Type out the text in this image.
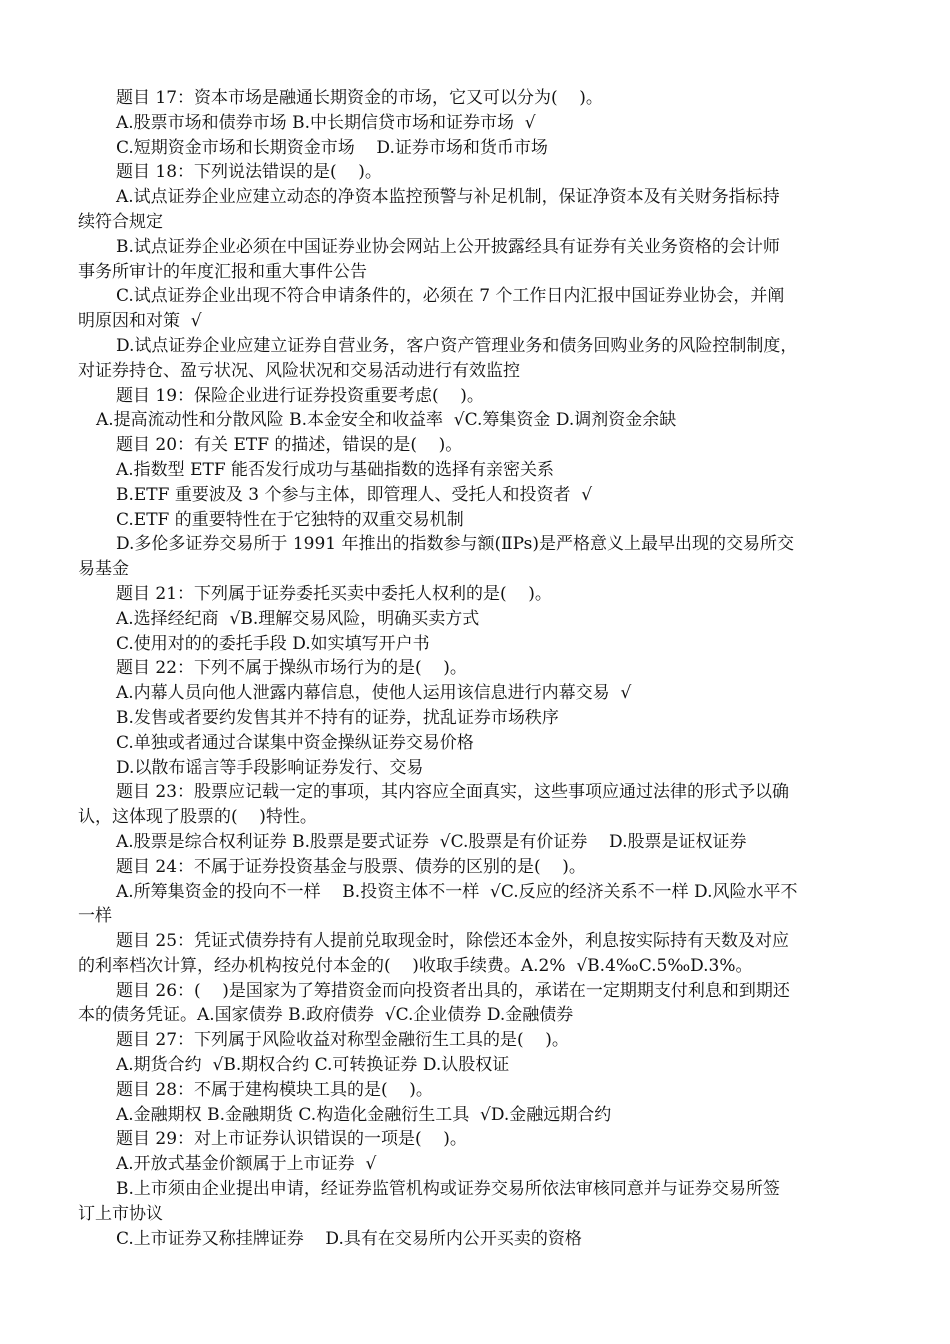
题目 17：资本市场是融通长期资金的市场，它又可以分为(    )。
A.股票市场和债券市场 B.中长期信贷市场和证券市场  √
C.短期资金市场和长期资金市场    D.证券市场和货币市场
题目 18：下列说法错误的是(    )。
A.试点证券企业应建立动态的净资本监控预警与补足机制，保证净资本及有关财务指标持
续符合规定
B.试点证券企业必须在中国证券业协会网站上公开披露经具有证券有关业务资格的会计师
事务所审计的年度汇报和重大事件公告
C.试点证券企业出现不符合申请条件的，必须在 7 个工作日内汇报中国证券业协会，并阐
明原因和对策  √
D.试点证券企业应建立证券自营业务，客户资产管理业务和债务回购业务的风险控制制度，
对证券持仓、盈亏状况、风险状况和交易活动进行有效监控
题目 19：保险企业进行证券投资重要考虑(    )。
A.提高流动性和分散风险 B.本金安全和收益率  √C.筹集资金 D.调剂资金余缺
题目 20：有关 ETF 的描述，错误的是(    )。
A.指数型 ETF 能否发行成功与基础指数的选择有亲密关系
B.ETF 重要波及 3 个参与主体，即管理人、受托人和投资者  √
C.ETF 的重要特性在于它独特的双重交易机制
D.多伦多证券交易所于 1991 年推出的指数参与额(ⅡPs)是严格意义上最早出现的交易所交
易基金
题目 21：下列属于证券委托买卖中委托人权利的是(    )。
A.选择经纪商  √B.理解交易风险，明确买卖方式
C.使用对的的委托手段 D.如实填写开户书
题目 22：下列不属于操纵市场行为的是(    )。
A.内幕人员向他人泄露内幕信息，使他人运用该信息进行内幕交易  √
B.发售或者要约发售其并不持有的证券，扰乱证券市场秩序
C.单独或者通过合谋集中资金操纵证券交易价格
D.以散布谣言等手段影响证券发行、交易
题目 23：股票应记载一定的事项，其内容应全面真实，这些事项应通过法律的形式予以确
认，这体现了股票的(    )特性。
A.股票是综合权利证券 B.股票是要式证券  √C.股票是有价证券    D.股票是证权证券
题目 24：不属于证券投资基金与股票、债券的区别的是(    )。
A.所筹集资金的投向不一样    B.投资主体不一样  √C.反应的经济关系不一样 D.风险水平不
一样
题目 25：凭证式债券持有人提前兑取现金时，除偿还本金外，利息按实际持有天数及对应
的利率档次计算，经办机构按兑付本金的(    )收取手续费。A.2%  √B.4‰C.5‰D.3%。
题目 26：(    )是国家为了筹措资金而向投资者出具的，承诺在一定期期支付利息和到期还
本的债务凭证。A.国家债券 B.政府债券  √C.企业债券 D.金融债券
题目 27：下列属于风险收益对称型金融衍生工具的是(    )。
A.期货合约  √B.期权合约 C.可转换证券 D.认股权证
题目 28：不属于建构模块工具的是(    )。
A.金融期权 B.金融期货 C.构造化金融衍生工具  √D.金融远期合约
题目 29：对上市证券认识错误的一项是(    )。
A.开放式基金价额属于上市证券  √
B.上市须由企业提出申请，经证券监管机构或证券交易所依法审核同意并与证券交易所签
订上市协议
C.上市证券又称挂牌证券    D.具有在交易所内公开买卖的资格
